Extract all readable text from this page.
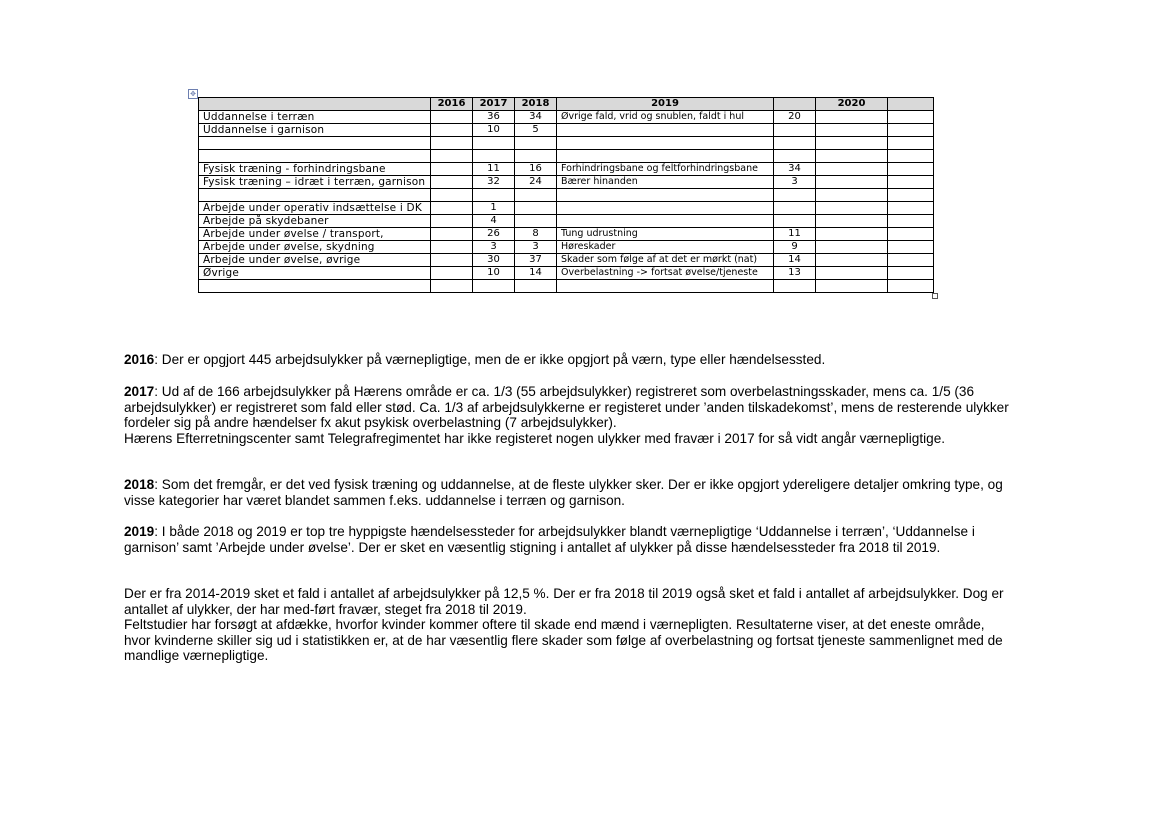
✥
	2016	2017	2018	2019		2020	
Uddannelse i terræn		36	34	Øvrige fald, vrid og snublen, faldt i hul	20		
Uddannelse i garnison		10	5				

Fysisk træning - forhindringsbane		11	16	Forhindringsbane og feltforhindringsbane	34		
Fysisk træning – idræt i terræn, garnison		32	24	Bærer hinanden	3		

Arbejde under operativ indsættelse i DK		1					
Arbejde på skydebaner		4					
Arbejde under øvelse / transport,		26	8	Tung udrustning	11		
Arbejde under øvelse, skydning		3	3	Høreskader	9		
Arbejde under øvelse, øvrige		30	37	Skader som følge af at det er mørkt (nat)	14		
Øvrige		10	14	Overbelastning -> fortsat øvelse/tjeneste	13		

2016: Der er opgjort 445 arbejdsulykker på værnepligtige, men de er ikke opgjort på værn, type eller hændelsessted.

2017: Ud af de 166 arbejdsulykker på Hærens område er ca. 1/3 (55 arbejdsulykker) registreret som overbelastningsskader, mens ca. 1/5 (36 arbejdsulykker) er registreret som fald eller stød. Ca. 1/3 af arbejdsulykkerne er registeret under ’anden tilskadekomst’, mens de resterende ulykker fordeler sig på andre hændelser fx akut psykisk overbelastning (7 arbejdsulykker).

Hærens Efterretningscenter samt Telegrafregimentet har ikke registeret nogen ulykker med fravær i 2017 for så vidt angår værnepligtige.

2018: Som det fremgår, er det ved fysisk træning og uddannelse, at de fleste ulykker sker. Der er ikke opgjort ydereligere detaljer omkring type, og visse kategorier har været blandet sammen f.eks. uddannelse i terræn og garnison.

2019: I både 2018 og 2019 er top tre hyppigste hændelsessteder for arbejdsulykker blandt værnepligtige ‘Uddannelse i terræn’, ‘Uddannelse i garnison’ samt ’Arbejde under øvelse’. Der er sket en væsentlig stigning i antallet af ulykker på disse hændelsessteder fra 2018 til 2019.

Der er fra 2014-2019 sket et fald i antallet af arbejdsulykker på 12,5 %. Der er fra 2018 til 2019 også sket et fald i antallet af arbejdsulykker. Dog er antallet af ulykker, der har med-ført fravær, steget fra 2018 til 2019.

Feltstudier har forsøgt at afdække, hvorfor kvinder kommer oftere til skade end mænd i værnepligten. Resultaterne viser, at det eneste område, hvor kvinderne skiller sig ud i statistikken er, at de har væsentlig flere skader som følge af overbelastning og fortsat tjeneste sammenlignet med de mandlige værnepligtige.
